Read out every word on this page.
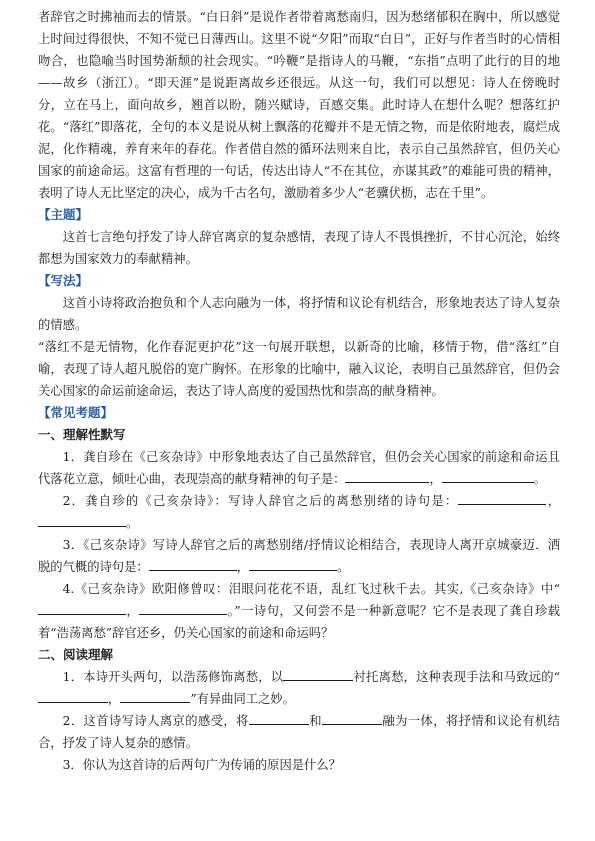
者辞官之时拂袖而去的情景。“白日斜”是说作者带着离愁南归，因为愁绪郁积在胸中，所以感觉上时间过得很快，不知不觉已日薄西山。这里不说“夕阳”而取“白日”，正好与作者当时的心情相吻合，也隐喻当时国势渐颓的社会现实。“吟鞭”是指诗人的马鞭，“东指”点明了此行的目的地——故乡（浙江）。“即天涯”是说距离故乡还很远。从这一句，我们可以想见：诗人在傍晚时分，立在马上，面向故乡，翘首以盼，随兴赋诗，百感交集。此时诗人在想什么呢？想落红护花。“落红”即落花，全句的本义是说从树上飘落的花瓣并不是无情之物，而是依附地表，腐烂成泥，化作精魂，养育来年的春花。作者借自然的循环法则来自比，表示自己虽然辞官，但仍关心国家的前途命运。这富有哲理的一句话，传达出诗人“不在其位，亦谋其政”的难能可贵的精神，表明了诗人无比坚定的决心，成为千古名句，激励着多少人“老骥伏枥，志在千里”。

【主题】

这首七言绝句抒发了诗人辞官离京的复杂感情，表现了诗人不畏惧挫折，不甘心沉沦，始终都想为国家效力的奉献精神。

【写法】

这首小诗将政治抱负和个人志向融为一体，将抒情和议论有机结合，形象地表达了诗人复杂的情感。

“落红不是无情物，化作春泥更护花”这一句展开联想，以新奇的比喻，移情于物，借“落红”自喻，表现了诗人超凡脱俗的宽广胸怀。在形象的比喻中，融入议论，表明自己虽然辞官，但仍会关心国家的命运前途命运，表达了诗人高度的爱国热忱和崇高的献身精神。

【常见考题】

一、理解性默写

1．龚自珍在《己亥杂诗》中形象地表达了自己虽然辞官，但仍会关心国家的前途和命运且代落花立意，倾吐心曲，表现崇高的献身精神的句子是：	，	。

2．龚自珍的《己亥杂诗》：写诗人辞官之后的离愁别绪的诗句是：	，。

3．《己亥杂诗》写诗人辞官之后的离愁别绪/抒情议论相结合，表现诗人离开京城豪迈．洒脱的气概的诗句是：	，	。

4.《己亥杂诗》欧阳修曾叹：泪眼问花花不语，乱红飞过秋千去。其实,《己亥杂诗》中“，	。”一诗句，又何尝不是一种新意呢？它不是表现了龚自珍载着“浩荡离愁”辞官还乡，仍关心国家的前途和命运吗？

二、阅读理解

1．本诗开头两句，以浩荡修饰离愁，以	衬托离愁，这种表现手法和马致远的“，	”有异曲同工之妙。

2．这首诗写诗人离京的感受，将	和	融为一体，将抒情和议论有机结合，抒发了诗人复杂的感情。

3．你认为这首诗的后两句广为传诵的原因是什么？
